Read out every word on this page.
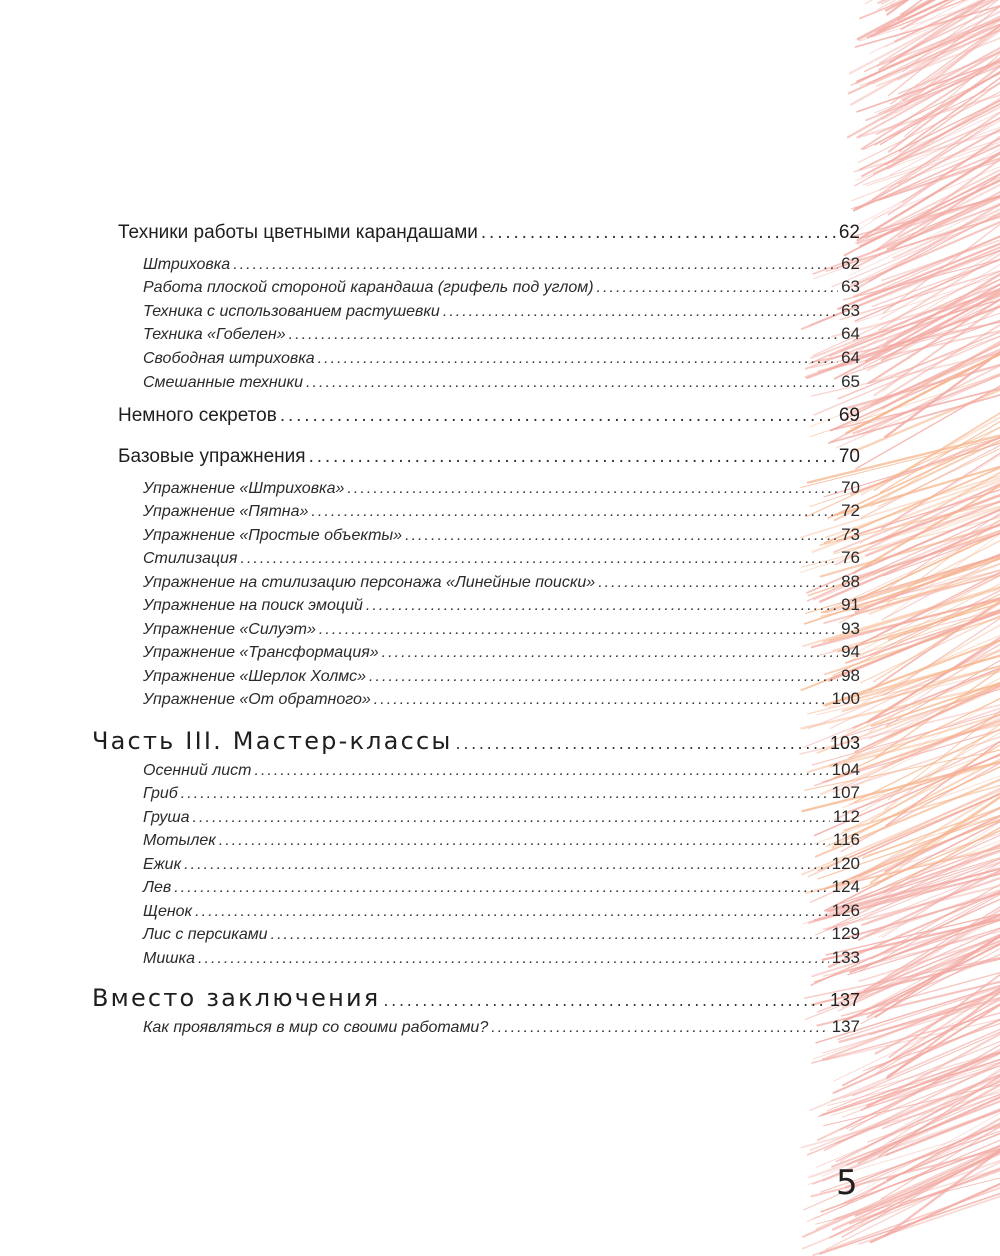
Техники работы цветными карандашами . . .	62
Штриховка . . .	62
Работа плоской стороной карандаша (грифель под углом) . . .	63
Техника с использованием растушевки . . .	63
Техника «Гобелен» . . .	64
Свободная штриховка . . .	64
Смешанные техники . . .	65
Немного секретов . . .	69
Базовые упражнения . . .	70
Упражнение «Штриховка» . . .	70
Упражнение «Пятна» . . .	72
Упражнение «Простые объекты» . . .	73
Стилизация . . .	76
Упражнение на стилизацию персонажа «Линейные поиски» . . .	88
Упражнение на поиск эмоций . . .	91
Упражнение «Силуэт» . . .	93
Упражнение «Трансформация» . . .	94
Упражнение «Шерлок Холмс» . . .	98
Упражнение «От обратного» . . .	100
Часть III. Мастер-классы . . .	103
Осенний лист . . .	104
Гриб . . .	107
Груша . . .	112
Мотылек . . .	116
Ежик . . .	120
Лев . . .	124
Щенок . . .	126
Лис с персиками . . .	129
Мишка . . .	133
Вместо заключения . . .	137
Как проявляться в мир со своими работами? . . .	137
5
